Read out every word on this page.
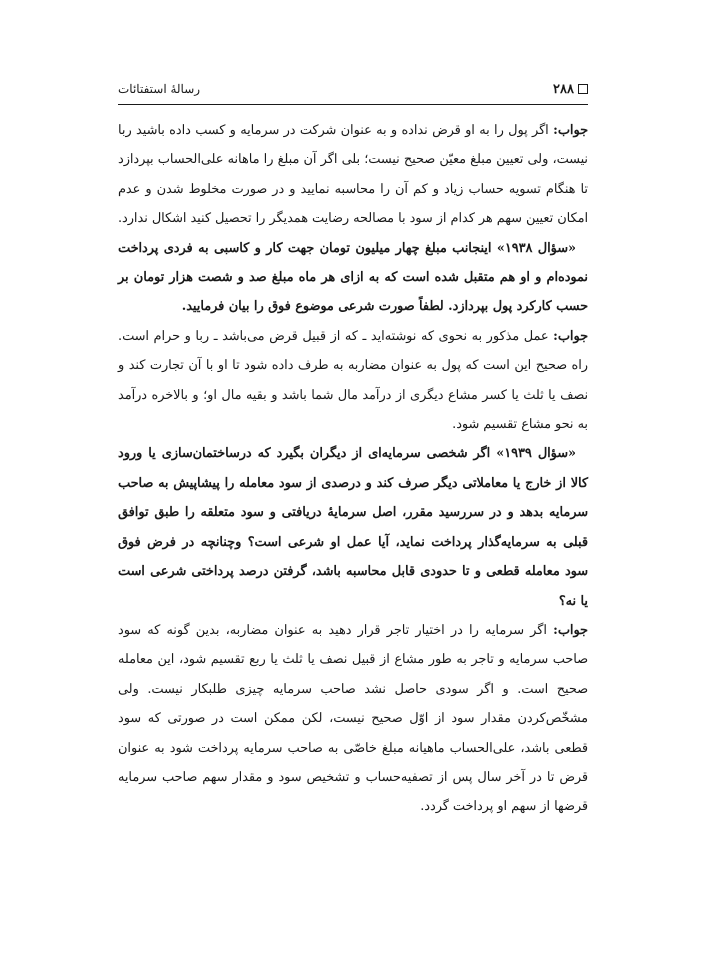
۲۸۸
رسالهٔ استفتائات

جواب: اگر پول را به او قرض نداده و به عنوان شرکت در سرمایه و کسب داده باشید ربا نیست، ولی تعیین مبلغ معیّن صحیح نیست؛ بلی اگر آن مبلغ را ماهانه علی‌الحساب بپردازد تا هنگام تسویه حساب زیاد و کم آن را محاسبه نمایید و در صورت مخلوط شدن و عدم امکان تعیین سهم هر کدام از سود با مصالحه رضایت همدیگر را تحصیل کنید اشکال ندارد.

«سؤال ۱۹۳۸» اینجانب مبلغ چهار میلیون تومان جهت کار و کاسبی به فردی پرداخت نموده‌ام و او هم متقبل شده است که به ازای هر ماه مبلغ صد و شصت هزار تومان بر حسب کارکرد پول بپردازد. لطفاً صورت شرعی موضوع فوق را بیان فرمایید.

جواب: عمل مذکور به نحوی که نوشته‌اید ـ که از قبیل قرض می‌باشد ـ ربا و حرام است. راه صحیح این است که پول به عنوان مضاربه به طرف داده شود تا او با آن تجارت کند و نصف یا ثلث یا کسر مشاع دیگری از درآمد مال شما باشد و بقیه مال او؛ و بالاخره درآمد به نحو مشاع تقسیم شود.

«سؤال ۱۹۳۹» اگر شخصی سرمایه‌ای از دیگران بگیرد که درساختمان‌سازی یا ورود کالا از خارج یا معاملاتی دیگر صرف کند و درصدی از سود معامله را پیشاپیش به صاحب سرمایه بدهد و در سررسید مقرر، اصل سرمایهٔ دریافتی و سود متعلقه را طبق توافق قبلی به سرمایه‌گذار پرداخت نماید، آیا عمل او شرعی است؟ وچنانچه در فرض فوق سود معامله قطعی و تا حدودی قابل محاسبه باشد، گرفتن درصد پرداختی شرعی است یا نه؟

جواب: اگر سرمایه را در اختیار تاجر قرار دهید به عنوان مضاربه، بدین گونه که سود صاحب سرمایه و تاجر به طور مشاع از قبیل نصف یا ثلث یا ربع تقسیم شود، این معامله صحیح است. و اگر سودی حاصل نشد صاحب سرمایه چیزی طلبکار نیست. ولی مشخّص‌کردن مقدار سود از اوّل صحیح نیست، لکن ممکن است در صورتی که سود قطعی باشد، علی‌الحساب ماهیانه مبلغ خاصّی به صاحب سرمایه پرداخت شود به عنوان قرض تا در آخر سال پس از تصفیه‌حساب و تشخیص سود و مقدار سهم صاحب سرمایه قرضها از سهم او پرداخت گردد.
